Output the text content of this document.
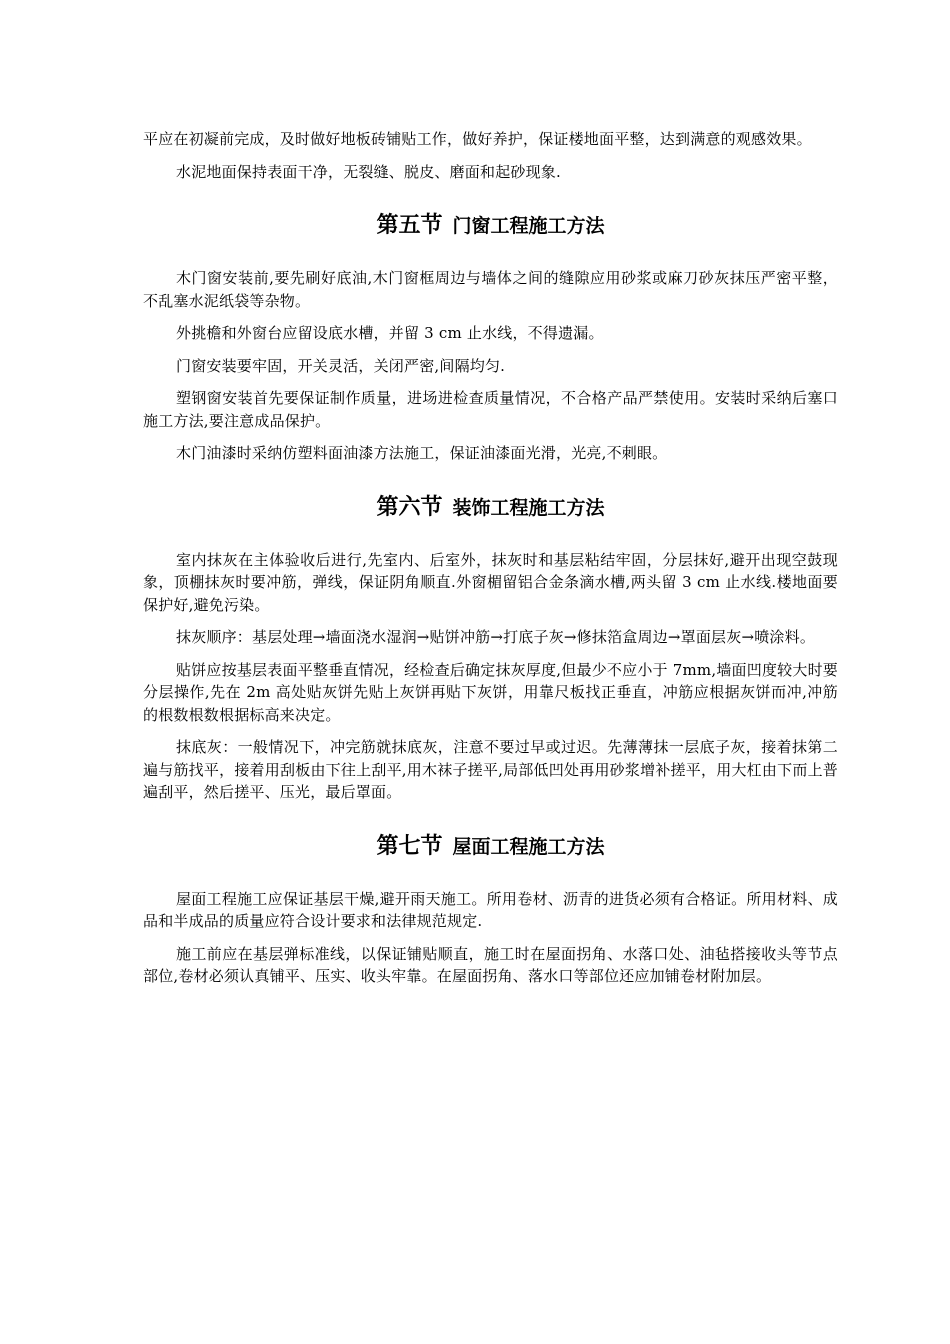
平应在初凝前完成，及时做好地板砖铺贴工作，做好养护，保证楼地面平整，达到满意的观感效果。

水泥地面保持表面干净，无裂缝、脱皮、磨面和起砂现象.

第五节 门窗工程施工方法

木门窗安装前,要先刷好底油,木门窗框周边与墙体之间的缝隙应用砂浆或麻刀砂灰抹压严密平整，不乱塞水泥纸袋等杂物。

外挑檐和外窗台应留设底水槽，并留 3 cm 止水线，不得遗漏。

门窗安装要牢固，开关灵活，关闭严密,间隔均匀.

塑钢窗安装首先要保证制作质量，进场进检查质量情况，不合格产品严禁使用。安装时采纳后塞口施工方法,要注意成品保护。

木门油漆时采纳仿塑料面油漆方法施工，保证油漆面光滑，光亮,不刺眼。

第六节 装饰工程施工方法

室内抹灰在主体验收后进行,先室内、后室外，抹灰时和基层粘结牢固，分层抹好,避开出现空鼓现象，顶棚抹灰时要冲筋，弹线，保证阴角顺直.外窗楣留铝合金条滴水槽,两头留 3 cm 止水线.楼地面要保护好,避免污染。

抹灰顺序：基层处理→墙面浇水湿润→贴饼冲筋→打底子灰→修抹箔盒周边→罩面层灰→喷涂料。

贴饼应按基层表面平整垂直情况，经检查后确定抹灰厚度,但最少不应小于 7mm,墙面凹度较大时要分层操作,先在 2m 高处贴灰饼先贴上灰饼再贴下灰饼，用靠尺板找正垂直，冲筋应根据灰饼而冲,冲筋的根数根数根据标高来决定。

抹底灰：一般情况下，冲完筋就抹底灰，注意不要过早或过迟。先薄薄抹一层底子灰，接着抹第二遍与筋找平，接着用刮板由下往上刮平,用木袜子搓平,局部低凹处再用砂浆增补搓平，用大杠由下而上普遍刮平，然后搓平、压光，最后罩面。

第七节 屋面工程施工方法

屋面工程施工应保证基层干燥,避开雨天施工。所用卷材、沥青的进货必须有合格证。所用材料、成品和半成品的质量应符合设计要求和法律规范规定.

施工前应在基层弹标准线，以保证铺贴顺直，施工时在屋面拐角、水落口处、油毡搭接收头等节点部位,卷材必须认真铺平、压实、收头牢靠。在屋面拐角、落水口等部位还应加铺卷材附加层。
